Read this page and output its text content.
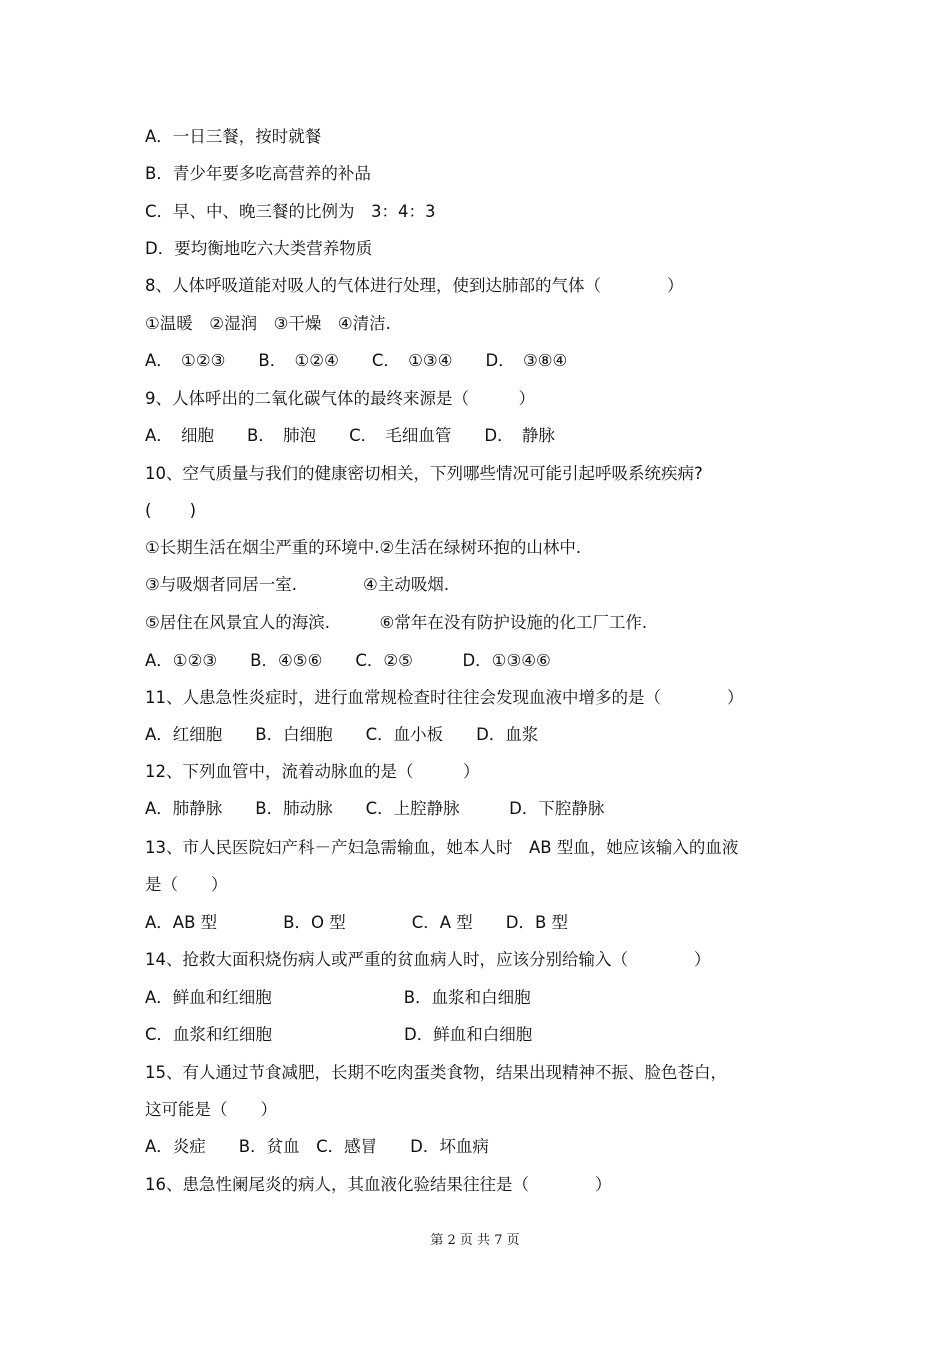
A．一日三餐，按时就餐
B．青少年要多吃高营养的补品
C．早、中、晚三餐的比例为　3：4：3
D．要均衡地吃六大类营养物质
8、人体呼吸道能对吸人的气体进行处理，使到达肺部的气体（　　　　）
①温暖　②湿润　③干燥　④清洁.
A．　①②③　　B．　①②④　　C．　①③④　　D．　③⑧④
9、人体呼出的二氧化碳气体的最终来源是（　　　）
A．　细胞　　B．　肺泡　　C．　毛细血管　　D．　静脉
10、空气质量与我们的健康密切相关，下列哪些情况可能引起呼吸系统疾病?
(　　 )
①长期生活在烟尘严重的环境中.②生活在绿树环抱的山林中.
③与吸烟者同居一室.　　　　④主动吸烟.
⑤居住在风景宜人的海滨.　　　⑥常年在没有防护设施的化工厂工作.
A．①②③　　B．④⑤⑥　　C．②⑤　　　D．①③④⑥
11、人患急性炎症时，进行血常规检查时往往会发现血液中增多的是（　　　　）
A．红细胞　　B．白细胞　　C．血小板　　D．血浆
12、下列血管中，流着动脉血的是（　　　）
A．肺静脉　　B．肺动脉　　C．上腔静脉　　　D．下腔静脉
13、市人民医院妇产科－产妇急需输血，她本人时　AB 型血，她应该输入的血液
是（　　）
A．AB 型　　　　B．O 型　　　　C．A 型　　D．B 型
14、抢救大面积烧伤病人或严重的贫血病人时，应该分别给输入（　　　　）
A．鲜血和红细胞　　　　　　　　B．血浆和白细胞
C．血浆和红细胞　　　　　　　　D．鲜血和白细胞
15、有人通过节食减肥，长期不吃肉蛋类食物，结果出现精神不振、脸色苍白，
这可能是（　　）
A．炎症　　B．贫血　C．感冒　　D．坏血病
16、患急性阑尾炎的病人，其血液化验结果往往是（　　　　）
第 2 页 共 7 页
